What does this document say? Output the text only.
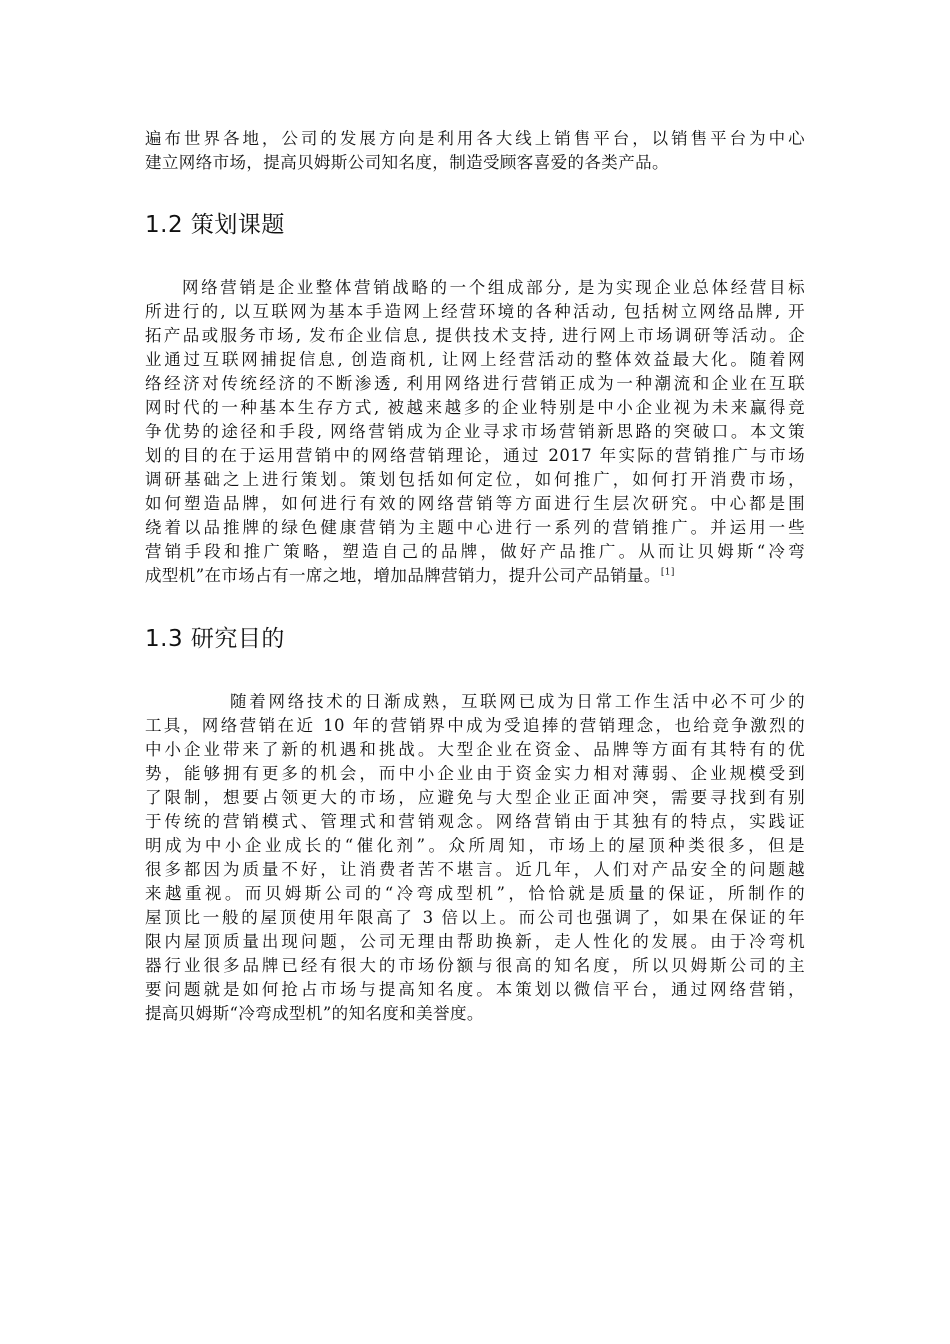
遍布世界各地，公司的发展方向是利用各大线上销售平台，以销售平台为中心
建立网络市场，提高贝姆斯公司知名度，制造受顾客喜爱的各类产品。
1.2 策划课题
网络营销是企业整体营销战略的一个组成部分, 是为实现企业总体经营目标
所进行的, 以互联网为基本手造网上经营环境的各种活动, 包括树立网络品牌, 开
拓产品或服务市场, 发布企业信息, 提供技术支持, 进行网上市场调研等活动。企
业通过互联网捕捉信息, 创造商机, 让网上经营活动的整体效益最大化。随着网
络经济对传统经济的不断渗透, 利用网络进行营销正成为一种潮流和企业在互联
网时代的一种基本生存方式, 被越来越多的企业特别是中小企业视为未来赢得竞
争优势的途径和手段, 网络营销成为企业寻求市场营销新思路的突破口。本文策
划的目的在于运用营销中的网络营销理论，通过 2017 年实际的营销推广与市场
调研基础之上进行策划。策划包括如何定位，如何推广，如何打开消费市场，
如何塑造品牌，如何进行有效的网络营销等方面进行生层次研究。中心都是围
绕着以品推牌的绿色健康营销为主题中心进行一系列的营销推广。并运用一些
营销手段和推广策略，塑造自己的品牌，做好产品推广。从而让贝姆斯“冷弯
成型机”在市场占有一席之地，增加品牌营销力，提升公司产品销量。[1]
1.3 研究目的
随着网络技术的日渐成熟，互联网已成为日常工作生活中必不可少的
工具，网络营销在近 10 年的营销界中成为受追捧的营销理念，也给竞争激烈的
中小企业带来了新的机遇和挑战。大型企业在资金、品牌等方面有其特有的优
势，能够拥有更多的机会，而中小企业由于资金实力相对薄弱、企业规模受到
了限制，想要占领更大的市场，应避免与大型企业正面冲突，需要寻找到有别
于传统的营销模式、管理式和营销观念。网络营销由于其独有的特点，实践证
明成为中小企业成长的“催化剂”。众所周知，市场上的屋顶种类很多，但是
很多都因为质量不好，让消费者苦不堪言。近几年，人们对产品安全的问题越
来越重视。而贝姆斯公司的“冷弯成型机”，恰恰就是质量的保证，所制作的
屋顶比一般的屋顶使用年限高了 3 倍以上。而公司也强调了，如果在保证的年
限内屋顶质量出现问题，公司无理由帮助换新，走人性化的发展。由于冷弯机
器行业很多品牌已经有很大的市场份额与很高的知名度，所以贝姆斯公司的主
要问题就是如何抢占市场与提高知名度。本策划以微信平台，通过网络营销，
提高贝姆斯“冷弯成型机”的知名度和美誉度。
